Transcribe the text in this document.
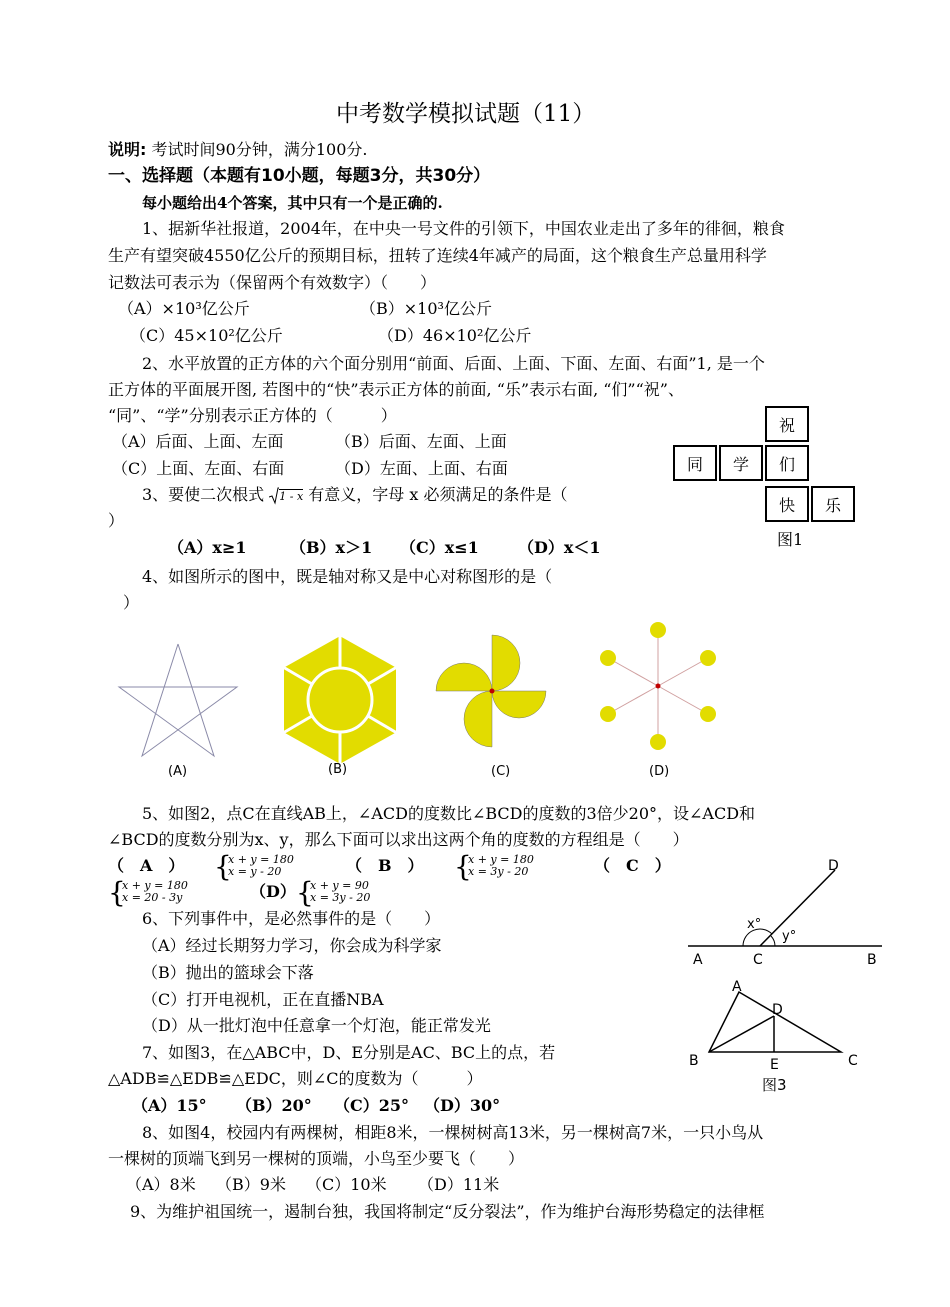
中考数学模拟试题（11）
说明: 考试时间90分钟，满分100分.
一、选择题（本题有10小题，每题3分，共30分）
每小题给出4个答案，其中只有一个是正确的.
1、据新华社报道，2004年，在中央一号文件的引领下，中国农业走出了多年的徘徊，粮食
生产有望突破4550亿公斤的预期目标，扭转了连续4年减产的局面，这个粮食生产总量用科学
记数法可表示为（保留两个有效数字）（　　）
（A）×10³亿公斤	（B）×10³亿公斤
（C）45×10²亿公斤	（D）46×10²亿公斤
2、水平放置的正方体的六个面分别用“前面、后面、上面、下面、左面、右面”1, 是一个
正方体的平面展开图, 若图中的“快”表示正方体的前面, “乐”表示右面, “们”“祝”、
“同”、“学”分别表示正方体的（　　　）
（A）后面、上面、左面	（B）后面、左面、上面
（C）上面、左面、右面	（D）左面、上面、右面
祝
同	学	们
快	乐
图1
3、要使二次根式 1 - x 有意义，字母 x 必须满足的条件是（
）
（A）x≥1	（B）x＞1 （C）x≤1 （D）x＜1
4、如图所示的图中，既是轴对称又是中心对称图形的是（
）
(A)	(B)	(C)	(D)
5、如图2，点C在直线AB上，∠ACD的度数比∠BCD的度数的3倍少20°，设∠ACD和
∠BCD的度数分别为x、y，那么下面可以求出这两个角的度数的方程组是（　　）
（　A　） {
x + y = 180
x = y - 20	（　B　） {
x + y = 180
x = 3y - 20	（　C　）
{
x + y = 180
x = 20 - 3y	（D） {
x + y = 90
x = 3y - 20
A	C	B
D
x°
y°
6、下列事件中，是必然事件的是（　　）
（A）经过长期努力学习，你会成为科学家
（B）抛出的篮球会下落
（C）打开电视机，正在直播NBA
（D）从一批灯泡中任意拿一个灯泡，能正常发光
A
B	C
D
E
图3
7、如图3，在△ABC中，D、E分别是AC、BC上的点，若
△ADB≌△EDB≌△EDC，则∠C的度数为（　　　）
（A）15° （B）20° （C）25° （D）30°
8、如图4，校园内有两棵树，相距8米，一棵树树高13米，另一棵树高7米，一只小鸟从
一棵树的顶端飞到另一棵树的顶端，小鸟至少要飞（　　）
（A）8米 （B）9米 （C）10米 （D）11米
9、为维护祖国统一，遏制台独，我国将制定“反分裂法”，作为维护台海形势稳定的法律框
